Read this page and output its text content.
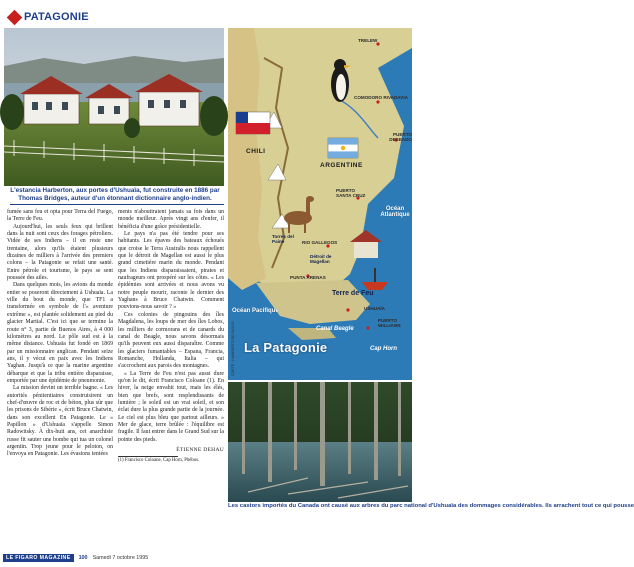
PATAGONIE
L'estancia Harberton, aux portes d'Ushuaïa, fut construite en 1886 par Thomas Bridges, auteur d'un étonnant dictionnaire anglo-indien.

fumée sans feu et opta pour Terra del Fuego, la Terre de Feu.

Aujourd'hui, les seuls feux qui brillent dans la nuit sont ceux des forages pétroliers. Vidée de ses Indiens – il en reste une trentaine, alors qu'ils étaient plusieurs dizaines de milliers à l'arrivée des premiers colons – la Patagonie se refait une santé. Entre pétrole et tourisme, le pays se sent poussée des ailes.

Dans quelques mois, les avions du monde entier se poseront directement à Ushuaïa. La ville du bout du monde, que TF1 a transformée en symbole de l'« aventure extrême », est plantée solidement au pied du glacier Martial. C'est ici que se termine la route n° 3, partie de Buenos Aires, à 4 000 kilomètres au nord. Le pôle sud est à la même distance. Ushuaïa fut fondé en 1869 par un missionnaire anglican. Pendant seize ans, il y vécut en paix avec les Indiens Yaghan. Jusqu'à ce que la marine argentine débarque et que la tribu entière disparaisse, emportée par une épidémie de pneumonie.

La mission devint un terrible bagne. « Les autorités pénitentiaires construisirent un chef-d'œuvre de roc et de béton, plus sûr que les prisons de Sibérie », écrit Bruce Chatwin, dans son excellent En Patagonie. Le « Papillon » d'Ushuaïa s'appelle Simon Radowitsky. À dix-huit ans, cet anarchiste russe fit sauter une bombe qui tua un colonel argentin. Trop jeune pour le peloton, on l'envoya en Patagonie. Les évasions tentées

ments n'aboutiraient jamais sa fois dans un monde meilleur. Après vingt ans d'enfer, il bénéficia d'une grâce présidentielle.

Le pays n'a pas été tendre pour ses habitants. Les épaves des bateaux échoués que croise le Terra Australis nous rappellent que le détroit de Magellan est aussi le plus grand cimetière marin du monde. Pendant que les Indiens disparaissaient, pirates et naufrageurs ont prospéré sur les côtes. « Les épidémies sont arrivées et nous avons vu notre peuple mourir, raconte le dernier des Yaghans à Bruce Chatwin. Comment pouvions-nous savoir ? »

Ces colonies de pingouins des îles Magdalena, les loups de mer des îles Lobos, les milliers de cormorans et de canards du canal de Beagle, nous savons désormais qu'ils peuvent eux aussi disparaître. Comme les glaciers fumantables – Espana, Francia, Romanche, Hollanda, Italia – qui s'accrochent aux parois des montagnes.

« La Terre de Feu n'est pas aussi dure qu'on le dit, écrit Francisco Coloane (1). En hiver, la neige envahit tout, mais les élés, bien que brefs, sont resplendissants de lumière ; le soleil est un vrai soleil, et son éclat dure la plus grande partie de la journée. Le ciel est plus bleu que partout ailleurs. » Mer de glace, terre brûlée : l'équilibre est fragile. Il faut entrer dans le Grand Sud sur la pointe des pieds.

ÉTIENNE DEHAU
(1) Francisco Coloane, Cap Horn, Phébus.
TRELEW
COMODORO RIVADAVIA
PUERTO DESEADO
PUERTO SANTA CRUZ
CHILI
ARGENTINE
Océan Atlantique
Torres del Paine	RIO GALLEGOS
Détroit de Magellan
PUNTA ARENAS
Terre de Feu
Océan Pacifique	USHUAÏA
PUERTO WILLIAMS
Canal Beagle
Cap Horn
La Patagonie
CARTE : HUMBERTO REYNOSO
Les castors importés du Canada ont causé aux arbres du parc national d'Ushuaïa des dommages considérables. Ils arrachent tout ce qui pousse
LE FIGARO MAGAZINE	100 Samedi 7 octobre 1995
